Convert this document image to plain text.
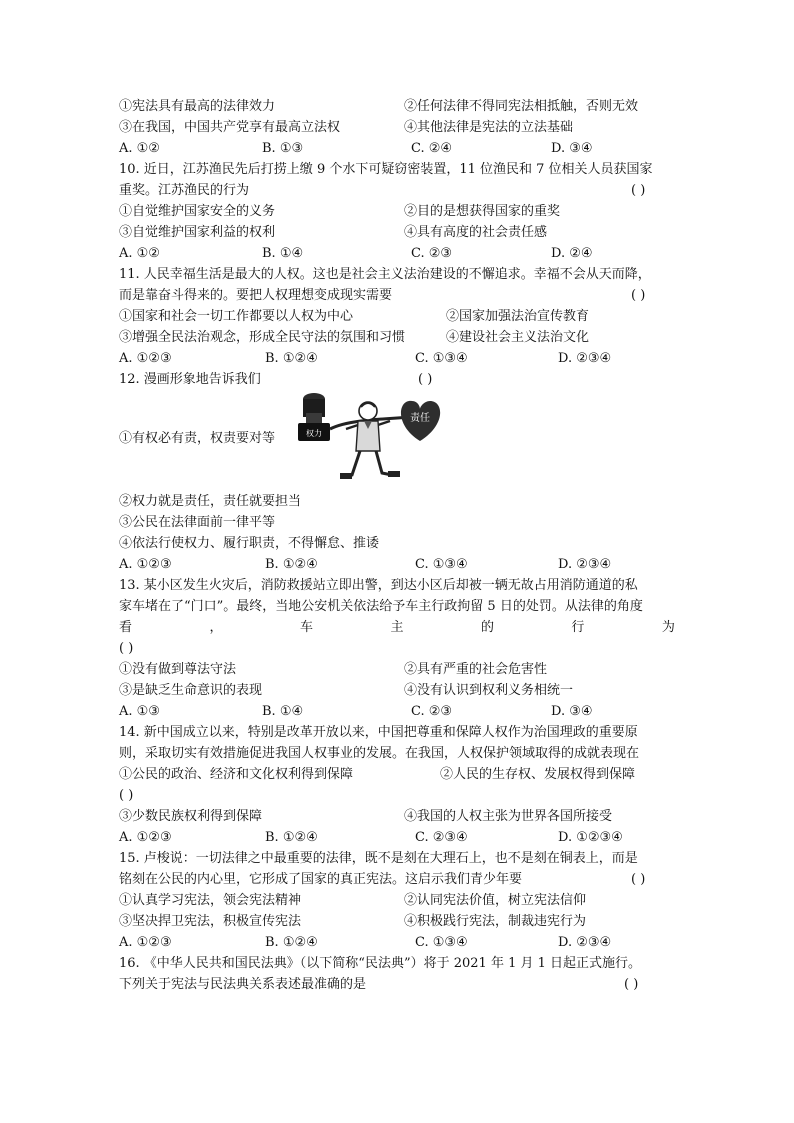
①宪法具有最高的法律效力	②任何法律不得同宪法相抵触，否则无效
③在我国，中国共产党享有最高立法权	④其他法律是宪法的立法基础
A. ①②	B. ①③	C. ②④	D. ③④
10. 近日，江苏渔民先后打捞上缴 9 个水下可疑窃密装置，11 位渔民和 7 位相关人员获国家
重奖。江苏渔民的行为	( )
①自觉维护国家安全的义务	②目的是想获得国家的重奖
③自觉维护国家利益的权利	④具有高度的社会责任感
A. ①②	B. ①④	C. ②③	D. ②④
11. 人民幸福生活是最大的人权。这也是社会主义法治建设的不懈追求。幸福不会从天而降，
而是靠奋斗得来的。要把人权理想变成现实需要	( )
①国家和社会一切工作都要以人权为中心	②国家加强法治宣传教育
③增强全民法治观念，形成全民守法的氛围和习惯	④建设社会主义法治文化
A. ①②③	B. ①②④	C. ①③④	D. ②③④
12. 漫画形象地告诉我们	( )
权力
责任
①有权必有责，权责要对等
②权力就是责任，责任就要担当
③公民在法律面前一律平等
④依法行使权力、履行职责，不得懈怠、推诿
A. ①②③	B. ①②④	C. ①③④	D. ②③④
13. 某小区发生火灾后，消防救援站立即出警，到达小区后却被一辆无故占用消防通道的私
家车堵在了“门口”。最终，当地公安机关依法给予车主行政拘留 5 日的处罚。从法律的角度
看	，	车	主	的	行	为
( )
①没有做到尊法守法	②具有严重的社会危害性
③是缺乏生命意识的表现	④没有认识到权利义务相统一
A. ①③	B. ①④	C. ②③	D. ③④
14. 新中国成立以来，特别是改革开放以来，中国把尊重和保障人权作为治国理政的重要原
则，采取切实有效措施促进我国人权事业的发展。在我国，人权保护领域取得的成就表现在
①公民的政治、经济和文化权利得到保障	②人民的生存权、发展权得到保障
( )
③少数民族权利得到保障	④我国的人权主张为世界各国所接受
A. ①②③	B. ①②④	C. ②③④	D. ①②③④
15. 卢梭说：一切法律之中最重要的法律，既不是刻在大理石上，也不是刻在铜表上，而是
铭刻在公民的内心里，它形成了国家的真正宪法。这启示我们青少年要	( )
①认真学习宪法，领会宪法精神	②认同宪法价值，树立宪法信仰
③坚决捍卫宪法，积极宣传宪法	④积极践行宪法，制裁违宪行为
A. ①②③	B. ①②④	C. ①③④	D. ②③④
16. 《中华人民共和国民法典》（以下简称“民法典”）将于 2021 年 1 月 1 日起正式施行。
下列关于宪法与民法典关系表述最准确的是	( )
